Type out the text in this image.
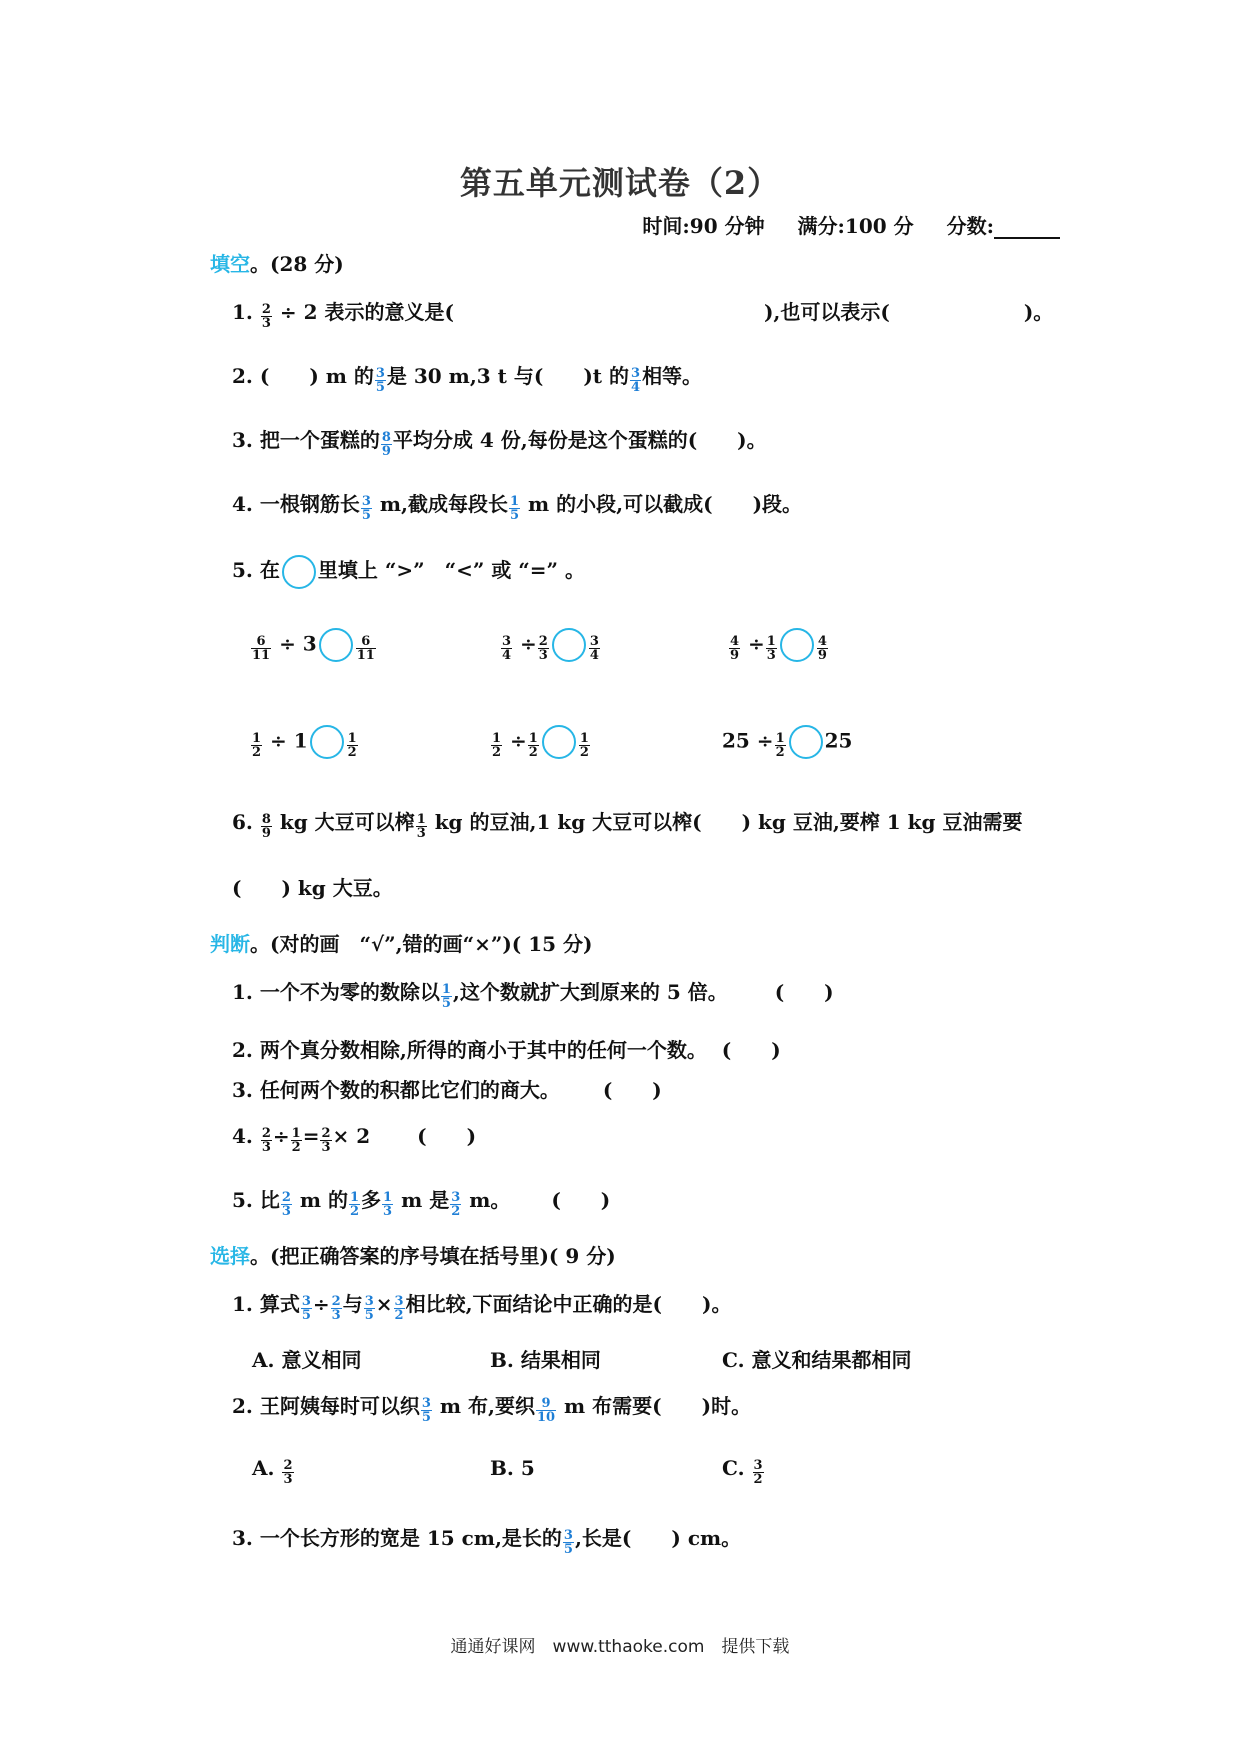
第五单元测试卷（2）
时间:90 分钟 满分:100 分 分数:
填空。(28 分)
1. $\frac{2}{3} \div 2$ 表示的意义是(	),也可以表示(	)。
2. (　　) m 的 $\frac{3}{5}$ 是 30 m,3 t 与(　　)t 的 $\frac{3}{4}$ 相等。
3. 把一个蛋糕的 $\frac{8}{9}$ 平均分成 4 份,每份是这个蛋糕的(　　)。
4. 一根钢筋长 $\frac{3}{5} m$,截成每段长 $\frac{1}{5}$ m 的小段,可以截成(　　)段。
5. 在 里填上 “>”　“<” 或 “=” 。
$\frac{6}{11} \div 3$	$\frac{6}{11}$	$\frac{3}{4} \div \frac{2}{3}$	$\frac{3}{4}$	$\frac{4}{9} \div \frac{1}{3}$	$\frac{4}{9}$
$\frac{1}{2} \div 1$	$\frac{1}{2}$	$\frac{1}{2} \div \frac{1}{2}$	$\frac{1}{2}$	$25 \div \frac{1}{2} 25$
6. $\frac{8}{9}$ kg 大豆可以榨 $\frac{1}{3}$ kg 的豆油,1 kg 大豆可以榨(　　) kg 豆油,要榨 1 kg 豆油需要
(　　) kg 大豆。
判断。(对的画　“√”,错的画“×”)( 15 分)
1. 一个不为零的数除以 $\frac{1}{5}$ ,这个数就扩大到原来的 5 倍。 (　　)
2. 两个真分数相除,所得的商小于其中的任何一个数。 (　　)
3. 任何两个数的积都比它们的商大。 (　　)
4. $\frac{2}{3} \div \frac{1}{2} = \frac{2}{3} \times 2$ (　　)
5. 比 $\frac{2}{3}$ m 的 $\frac{1}{2}$ 多 $\frac{1}{3}$ m 是 $\frac{3}{2}$ m。 (　　)
选择。(把正确答案的序号填在括号里)( 9 分)
1. 算式 $\frac{3}{5} \div \frac{2}{3}$ 与 $\frac{3}{5} \times \frac{3}{2}$ 相比较,下面结论中正确的是(　　)。
A. 意义相同	B. 结果相同	C. 意义和结果都相同
2. 王阿姨每时可以织 $\frac{3}{5}$ m 布,要织 $\frac{9}{10}$ m 布需要(　　)时。
A. $\frac{2}{3}$	B. 5	C. $\frac{3}{2}$
3. 一个长方形的宽是 15 cm,是长的 $\frac{3}{5}$ ,长是(　　) cm。
通通好课网　www.tthaoke.com　提供下载
